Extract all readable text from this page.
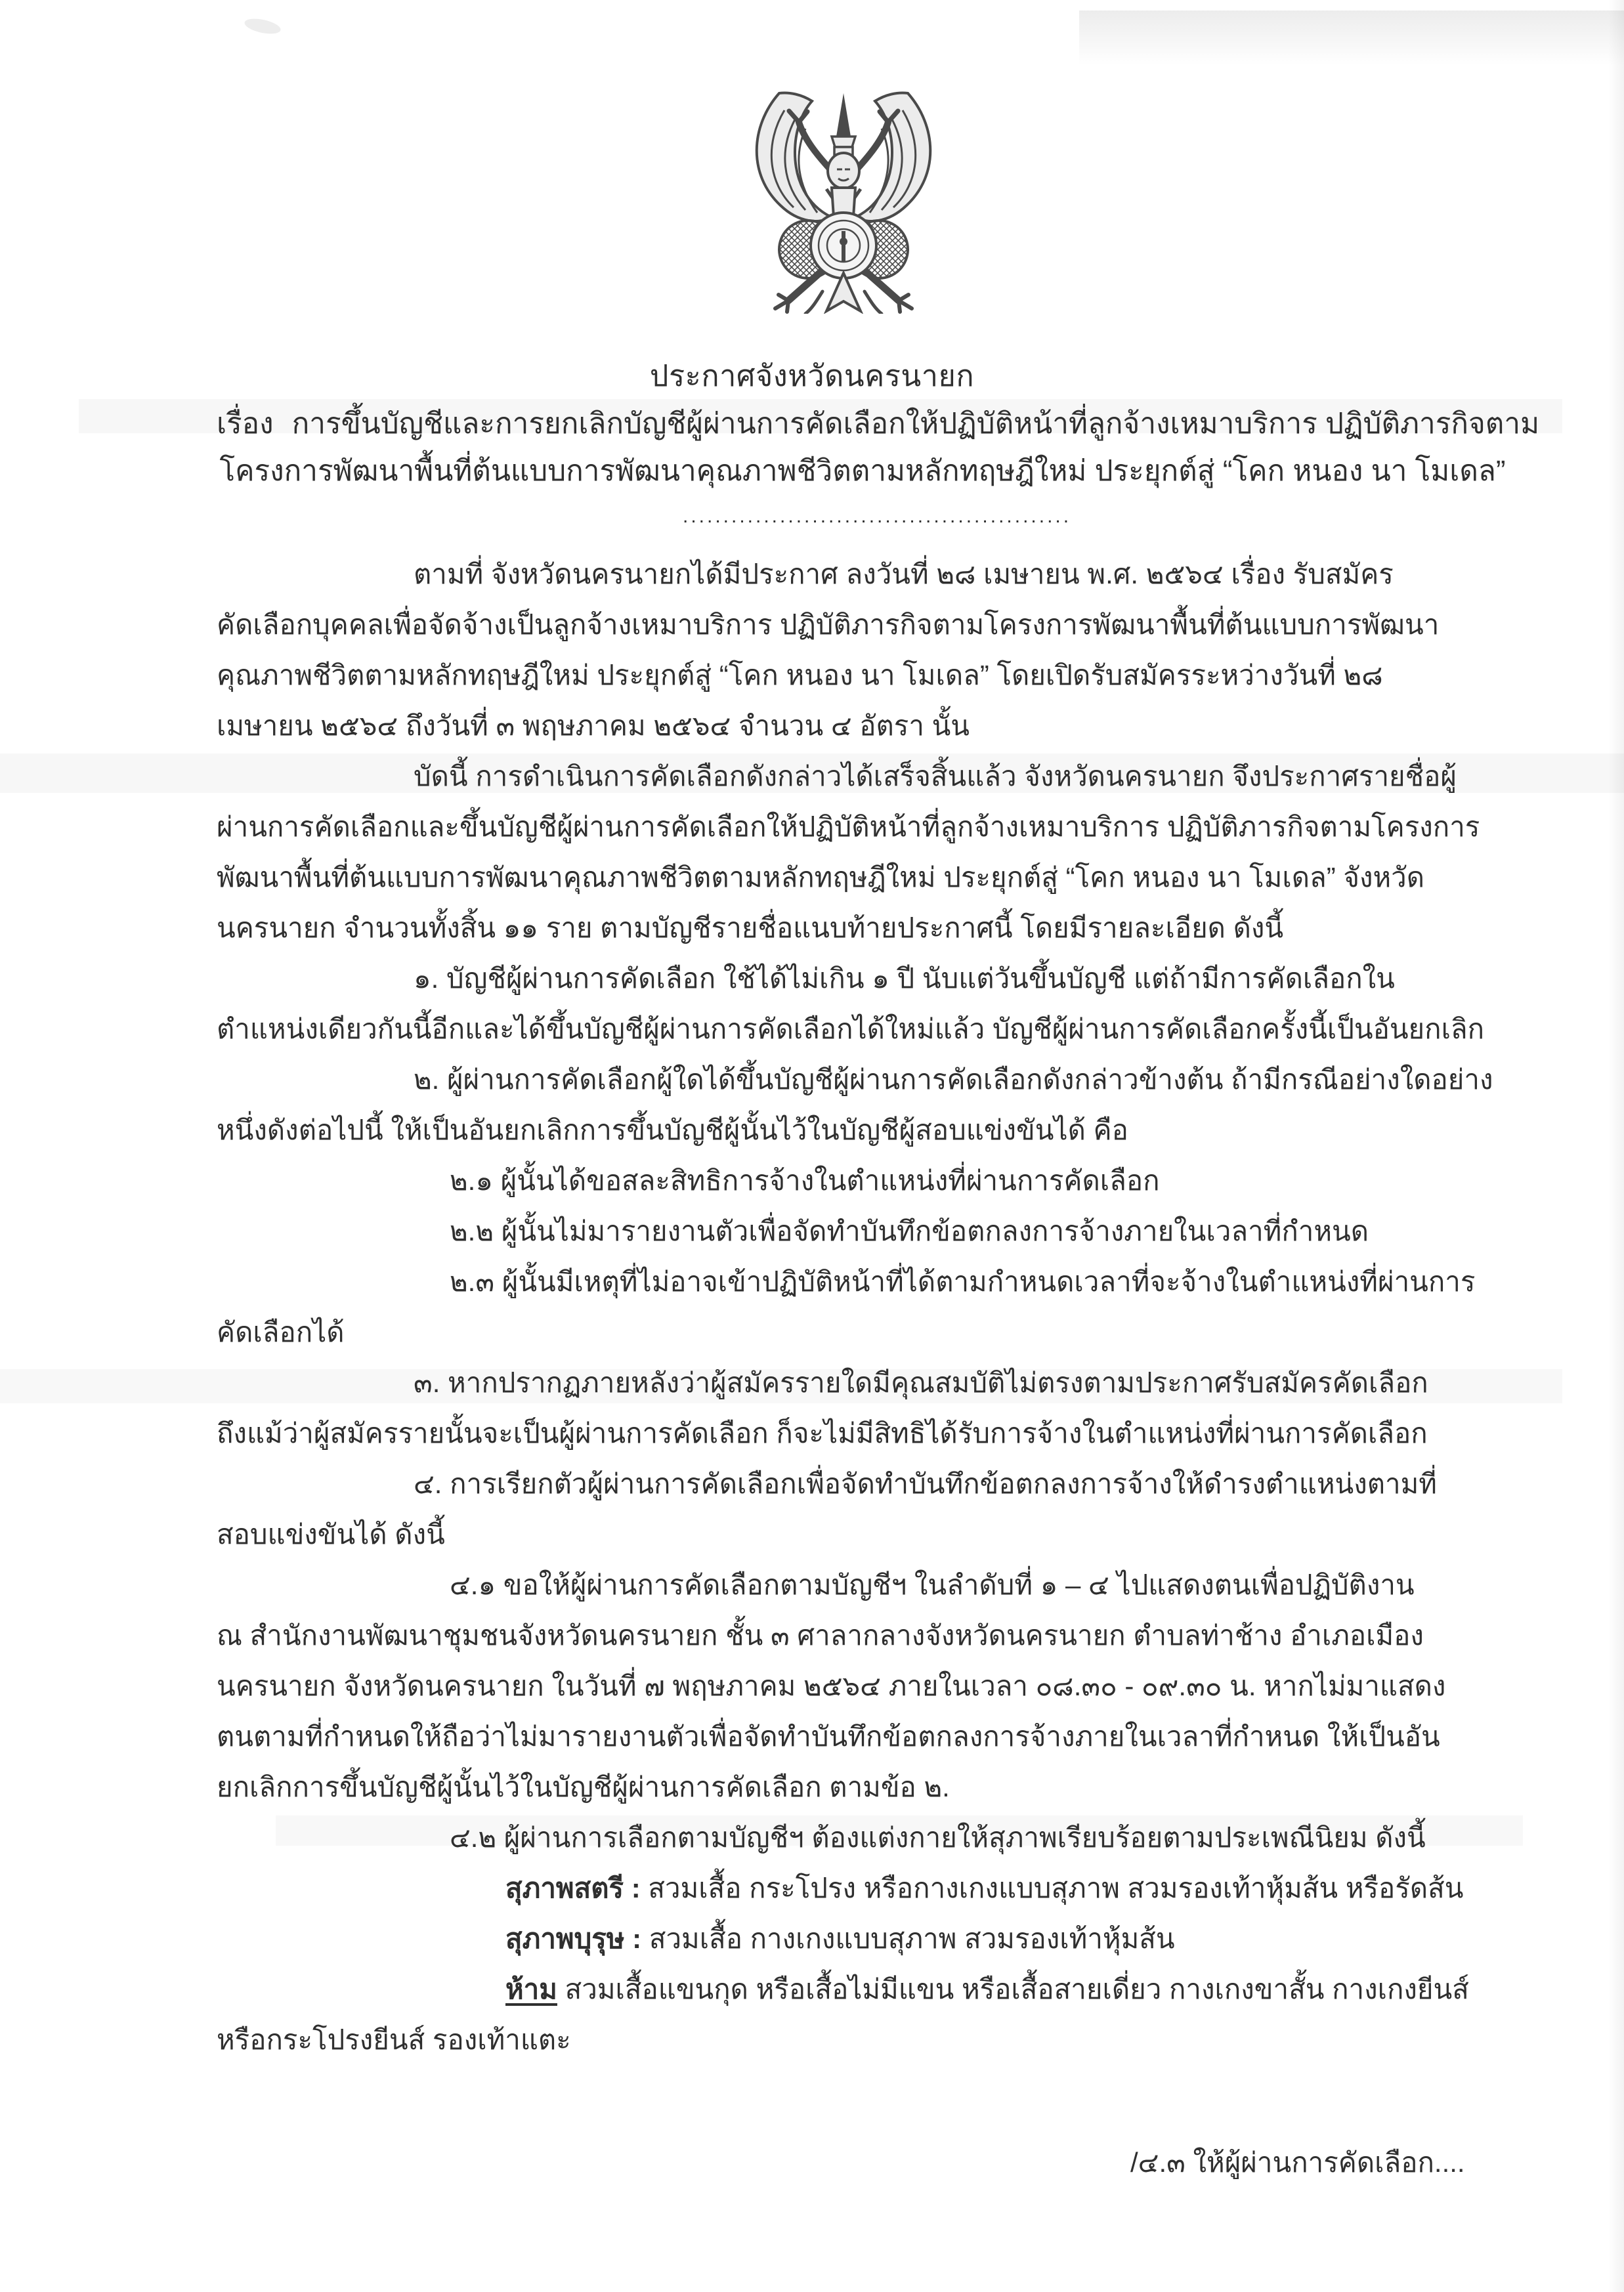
ประกาศจังหวัดนครนายก
เรื่อง การขึ้นบัญชีและการยกเลิกบัญชีผู้ผ่านการคัดเลือกให้ปฏิบัติหน้าที่ลูกจ้างเหมาบริการ ปฏิบัติภารกิจตาม
โครงการพัฒนาพื้นที่ต้นแบบการพัฒนาคุณภาพชีวิตตามหลักทฤษฎีใหม่ ประยุกต์สู่ “โคก หนอง นา โมเดล”
................................................
ตามที่ จังหวัดนครนายกได้มีประกาศ ลงวันที่ ๒๘ เมษายน พ.ศ. ๒๕๖๔ เรื่อง รับสมัคร
คัดเลือกบุคคลเพื่อจัดจ้างเป็นลูกจ้างเหมาบริการ ปฏิบัติภารกิจตามโครงการพัฒนาพื้นที่ต้นแบบการพัฒนา
คุณภาพชีวิตตามหลักทฤษฎีใหม่ ประยุกต์สู่ “โคก หนอง นา โมเดล” โดยเปิดรับสมัครระหว่างวันที่ ๒๘
เมษายน ๒๕๖๔ ถึงวันที่ ๓ พฤษภาคม ๒๕๖๔ จำนวน ๔ อัตรา นั้น
บัดนี้ การดำเนินการคัดเลือกดังกล่าวได้เสร็จสิ้นแล้ว จังหวัดนครนายก จึงประกาศรายชื่อผู้
ผ่านการคัดเลือกและขึ้นบัญชีผู้ผ่านการคัดเลือกให้ปฏิบัติหน้าที่ลูกจ้างเหมาบริการ ปฏิบัติภารกิจตามโครงการ
พัฒนาพื้นที่ต้นแบบการพัฒนาคุณภาพชีวิตตามหลักทฤษฎีใหม่ ประยุกต์สู่ “โคก หนอง นา โมเดล” จังหวัด
นครนายก จำนวนทั้งสิ้น ๑๑ ราย ตามบัญชีรายชื่อแนบท้ายประกาศนี้ โดยมีรายละเอียด ดังนี้
๑. บัญชีผู้ผ่านการคัดเลือก ใช้ได้ไม่เกิน ๑ ปี นับแต่วันขึ้นบัญชี แต่ถ้ามีการคัดเลือกใน
ตำแหน่งเดียวกันนี้อีกและได้ขึ้นบัญชีผู้ผ่านการคัดเลือกได้ใหม่แล้ว บัญชีผู้ผ่านการคัดเลือกครั้งนี้เป็นอันยกเลิก
๒. ผู้ผ่านการคัดเลือกผู้ใดได้ขึ้นบัญชีผู้ผ่านการคัดเลือกดังกล่าวข้างต้น ถ้ามีกรณีอย่างใดอย่าง
หนึ่งดังต่อไปนี้ ให้เป็นอันยกเลิกการขึ้นบัญชีผู้นั้นไว้ในบัญชีผู้สอบแข่งขันได้ คือ
๒.๑ ผู้นั้นได้ขอสละสิทธิการจ้างในตำแหน่งที่ผ่านการคัดเลือก
๒.๒ ผู้นั้นไม่มารายงานตัวเพื่อจัดทำบันทึกข้อตกลงการจ้างภายในเวลาที่กำหนด
๒.๓ ผู้นั้นมีเหตุที่ไม่อาจเข้าปฏิบัติหน้าที่ได้ตามกำหนดเวลาที่จะจ้างในตำแหน่งที่ผ่านการ
คัดเลือกได้
๓. หากปรากฏภายหลังว่าผู้สมัครรายใดมีคุณสมบัติไม่ตรงตามประกาศรับสมัครคัดเลือก
ถึงแม้ว่าผู้สมัครรายนั้นจะเป็นผู้ผ่านการคัดเลือก ก็จะไม่มีสิทธิได้รับการจ้างในตำแหน่งที่ผ่านการคัดเลือก
๔. การเรียกตัวผู้ผ่านการคัดเลือกเพื่อจัดทำบันทึกข้อตกลงการจ้างให้ดำรงตำแหน่งตามที่
สอบแข่งขันได้ ดังนี้
๔.๑ ขอให้ผู้ผ่านการคัดเลือกตามบัญชีฯ ในลำดับที่ ๑ – ๔ ไปแสดงตนเพื่อปฏิบัติงาน
ณ สำนักงานพัฒนาชุมชนจังหวัดนครนายก ชั้น ๓ ศาลากลางจังหวัดนครนายก ตำบลท่าช้าง อำเภอเมือง
นครนายก จังหวัดนครนายก ในวันที่ ๗ พฤษภาคม ๒๕๖๔ ภายในเวลา ๐๘.๓๐ - ๐๙.๓๐ น. หากไม่มาแสดง
ตนตามที่กำหนดให้ถือว่าไม่มารายงานตัวเพื่อจัดทำบันทึกข้อตกลงการจ้างภายในเวลาที่กำหนด ให้เป็นอัน
ยกเลิกการขึ้นบัญชีผู้นั้นไว้ในบัญชีผู้ผ่านการคัดเลือก ตามข้อ ๒.
๔.๒ ผู้ผ่านการเลือกตามบัญชีฯ ต้องแต่งกายให้สุภาพเรียบร้อยตามประเพณีนิยม ดังนี้
สุภาพสตรี : สวมเสื้อ กระโปรง หรือกางเกงแบบสุภาพ สวมรองเท้าหุ้มส้น หรือรัดส้น
สุภาพบุรุษ : สวมเสื้อ กางเกงแบบสุภาพ สวมรองเท้าหุ้มส้น
ห้าม สวมเสื้อแขนกุด หรือเสื้อไม่มีแขน หรือเสื้อสายเดี่ยว กางเกงขาสั้น กางเกงยีนส์
หรือกระโปรงยีนส์ รองเท้าแตะ
/๔.๓ ให้ผู้ผ่านการคัดเลือก....
